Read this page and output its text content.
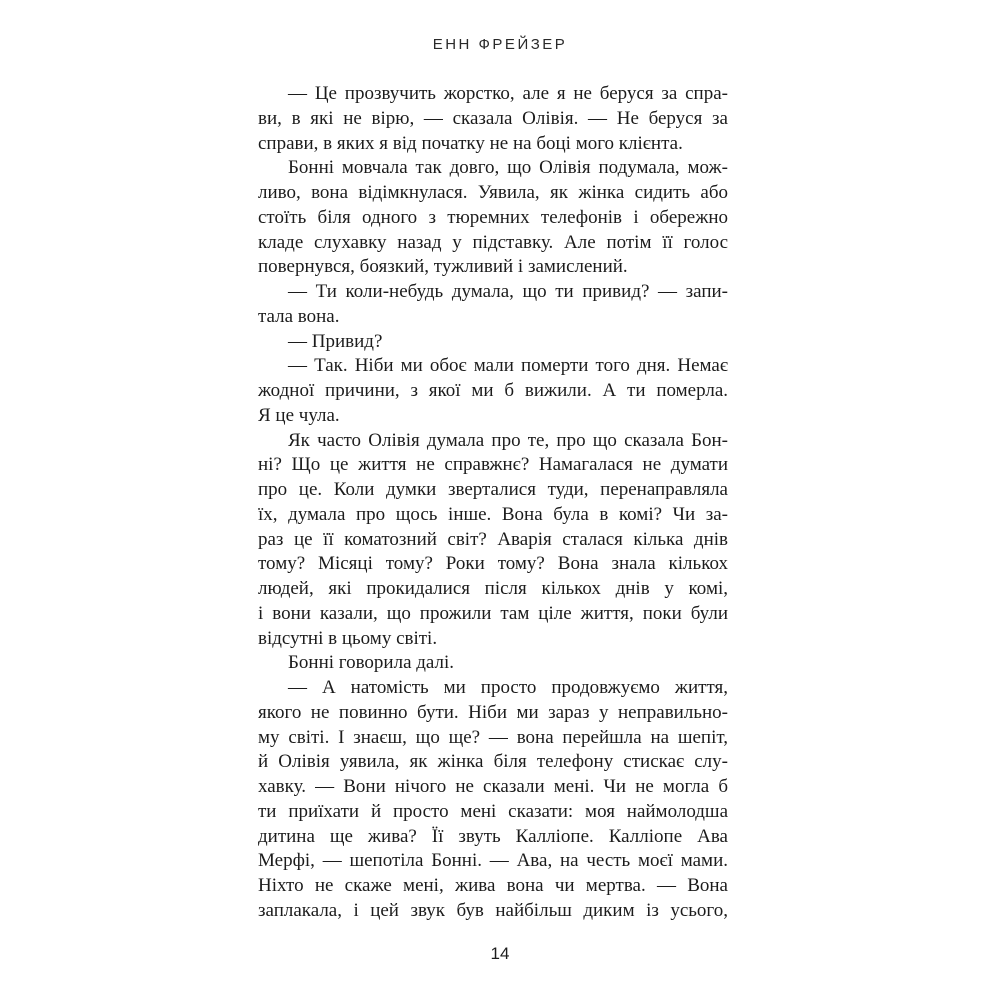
ЕНН ФРЕЙЗЕР
— Це прозвучить жорстко, але я не беруся за спра-
ви, в які не вірю, — сказала Олівія. — Не беруся за
справи, в яких я від початку не на боці мого клієнта.
Бонні мовчала так довго, що Олівія подумала, мож-
ливо, вона відімкнулася. Уявила, як жінка сидить або
стоїть біля одного з тюремних телефонів і обережно
кладе слухавку назад у підставку. Але потім її голос
повернувся, боязкий, тужливий і замислений.
— Ти коли-небудь думала, що ти привид? — запи-
тала вона.
— Привид?
— Так. Ніби ми обоє мали померти того дня. Немає
жодної причини, з якої ми б вижили. А ти померла.
Я це чула.
Як часто Олівія думала про те, про що сказала Бон-
ні? Що це життя не справжнє? Намагалася не думати
про це. Коли думки зверталися туди, перенаправляла
їх, думала про щось інше. Вона була в комі? Чи за-
раз це її коматозний світ? Аварія сталася кілька днів
тому? Місяці тому? Роки тому? Вона знала кількох
людей, які прокидалися після кількох днів у комі,
і вони казали, що прожили там ціле життя, поки були
відсутні в цьому світі.
Бонні говорила далі.
— А натомість ми просто продовжуємо життя,
якого не повинно бути. Ніби ми зараз у неправильно-
му світі. І знаєш, що ще? — вона перейшла на шепіт,
й Олівія уявила, як жінка біля телефону стискає слу-
хавку. — Вони нічого не сказали мені. Чи не могла б
ти приїхати й просто мені сказати: моя наймолодша
дитина ще жива? Її звуть Калліопе. Калліопе Ава
Мерфі, — шепотіла Бонні. — Ава, на честь моєї мами.
Ніхто не скаже мені, жива вона чи мертва. — Вона
заплакала, і цей звук був найбільш диким із усього,
14
